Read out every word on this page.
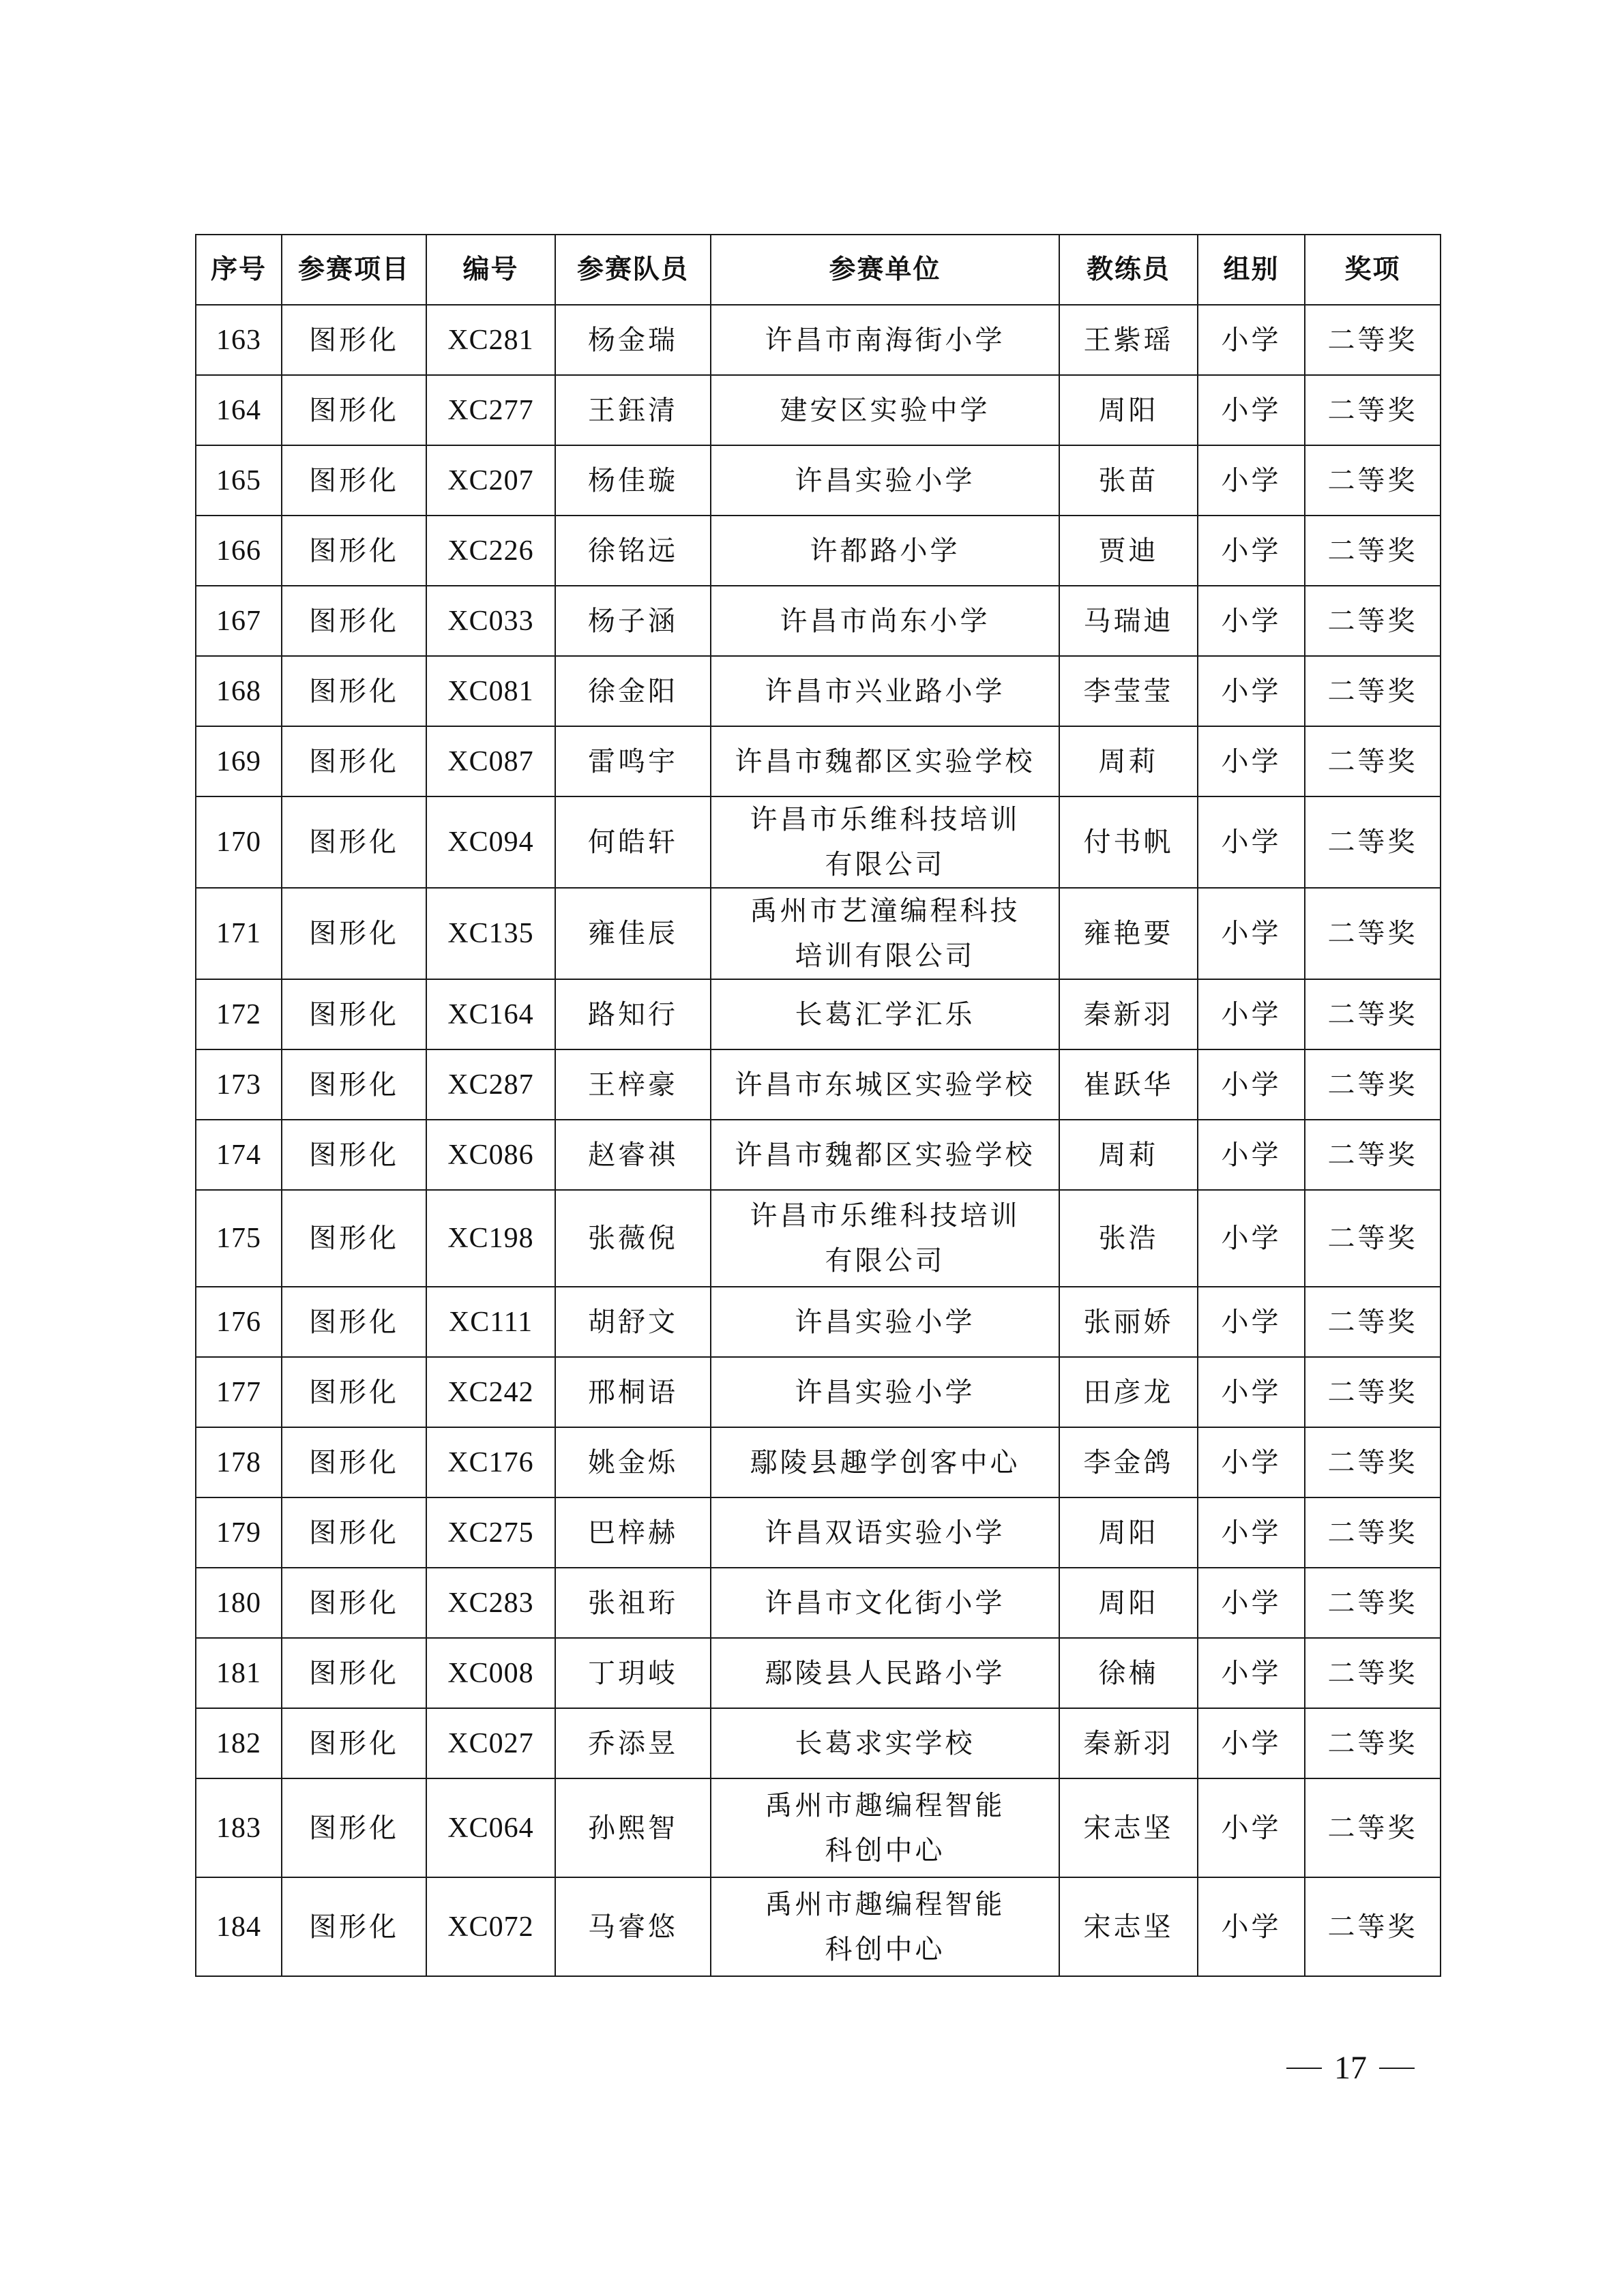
序号	参赛项目	编号	参赛队员	参赛单位	教练员	组别	奖项
163	图形化	XC281	杨金瑞	许昌市南海街小学	王紫瑶	小学	二等奖
164	图形化	XC277	王鈺清	建安区实验中学	周阳	小学	二等奖
165	图形化	XC207	杨佳璇	许昌实验小学	张苗	小学	二等奖
166	图形化	XC226	徐铭远	许都路小学	贾迪	小学	二等奖
167	图形化	XC033	杨子涵	许昌市尚东小学	马瑞迪	小学	二等奖
168	图形化	XC081	徐金阳	许昌市兴业路小学	李莹莹	小学	二等奖
169	图形化	XC087	雷鸣宇	许昌市魏都区实验学校	周莉	小学	二等奖
170	图形化	XC094	何皓轩	许昌市乐维科技培训
有限公司	付书帆	小学	二等奖
171	图形化	XC135	雍佳辰	禹州市艺潼编程科技
培训有限公司	雍艳要	小学	二等奖
172	图形化	XC164	路知行	长葛汇学汇乐	秦新羽	小学	二等奖
173	图形化	XC287	王梓豪	许昌市东城区实验学校	崔跃华	小学	二等奖
174	图形化	XC086	赵睿祺	许昌市魏都区实验学校	周莉	小学	二等奖
175	图形化	XC198	张薇倪	许昌市乐维科技培训
有限公司	张浩	小学	二等奖
176	图形化	XC111	胡舒文	许昌实验小学	张丽娇	小学	二等奖
177	图形化	XC242	邢桐语	许昌实验小学	田彦龙	小学	二等奖
178	图形化	XC176	姚金烁	鄢陵县趣学创客中心	李金鸽	小学	二等奖
179	图形化	XC275	巴梓赫	许昌双语实验小学	周阳	小学	二等奖
180	图形化	XC283	张祖珩	许昌市文化街小学	周阳	小学	二等奖
181	图形化	XC008	丁玥岐	鄢陵县人民路小学	徐楠	小学	二等奖
182	图形化	XC027	乔添昱	长葛求实学校	秦新羽	小学	二等奖
183	图形化	XC064	孙熙智	禹州市趣编程智能
科创中心	宋志坚	小学	二等奖
184	图形化	XC072	马睿悠	禹州市趣编程智能
科创中心	宋志坚	小学	二等奖
17
